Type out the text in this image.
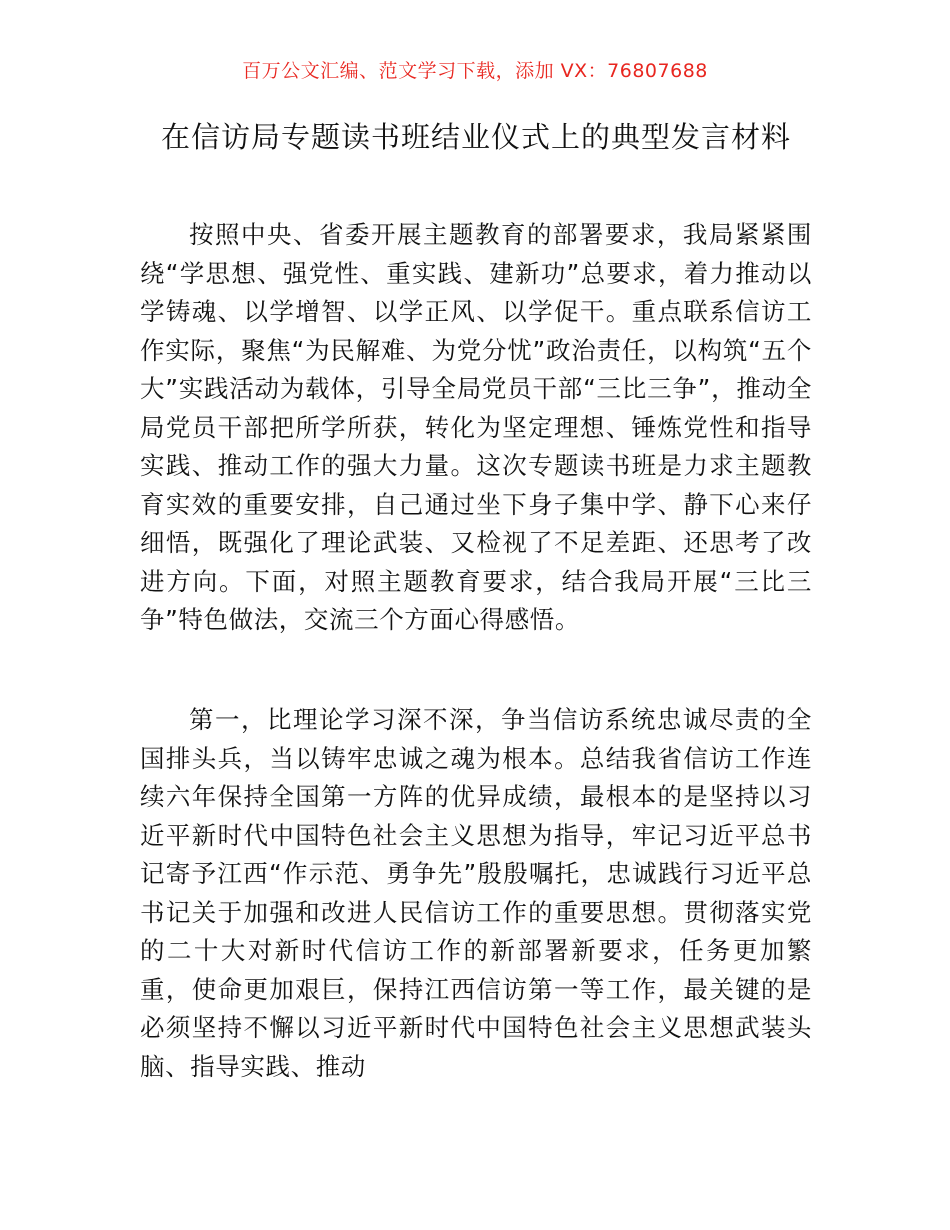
百万公文汇编、范文学习下载，添加 VX：76807688
在信访局专题读书班结业仪式上的典型发言材料

按照中央、省委开展主题教育的部署要求，我局紧紧围绕“学思想、强党性、重实践、建新功”总要求，着力推动以学铸魂、以学增智、以学正风、以学促干。重点联系信访工作实际，聚焦“为民解难、为党分忧”政治责任，以构筑“五个大”实践活动为载体，引导全局党员干部“三比三争”，推动全局党员干部把所学所获，转化为坚定理想、锤炼党性和指导实践、推动工作的强大力量。这次专题读书班是力求主题教育实效的重要安排，自己通过坐下身子集中学、静下心来仔细悟，既强化了理论武装、又检视了不足差距、还思考了改进方向。下面，对照主题教育要求，结合我局开展“三比三争”特色做法，交流三个方面心得感悟。

第一，比理论学习深不深，争当信访系统忠诚尽责的全国排头兵，当以铸牢忠诚之魂为根本。总结我省信访工作连续六年保持全国第一方阵的优异成绩，最根本的是坚持以习近平新时代中国特色社会主义思想为指导，牢记习近平总书记寄予江西“作示范、勇争先”殷殷嘱托，忠诚践行习近平总书记关于加强和改进人民信访工作的重要思想。贯彻落实党的二十大对新时代信访工作的新部署新要求，任务更加繁重，使命更加艰巨，保持江西信访第一等工作，最关键的是必须坚持不懈以习近平新时代中国特色社会主义思想武装头脑、指导实践、推动
